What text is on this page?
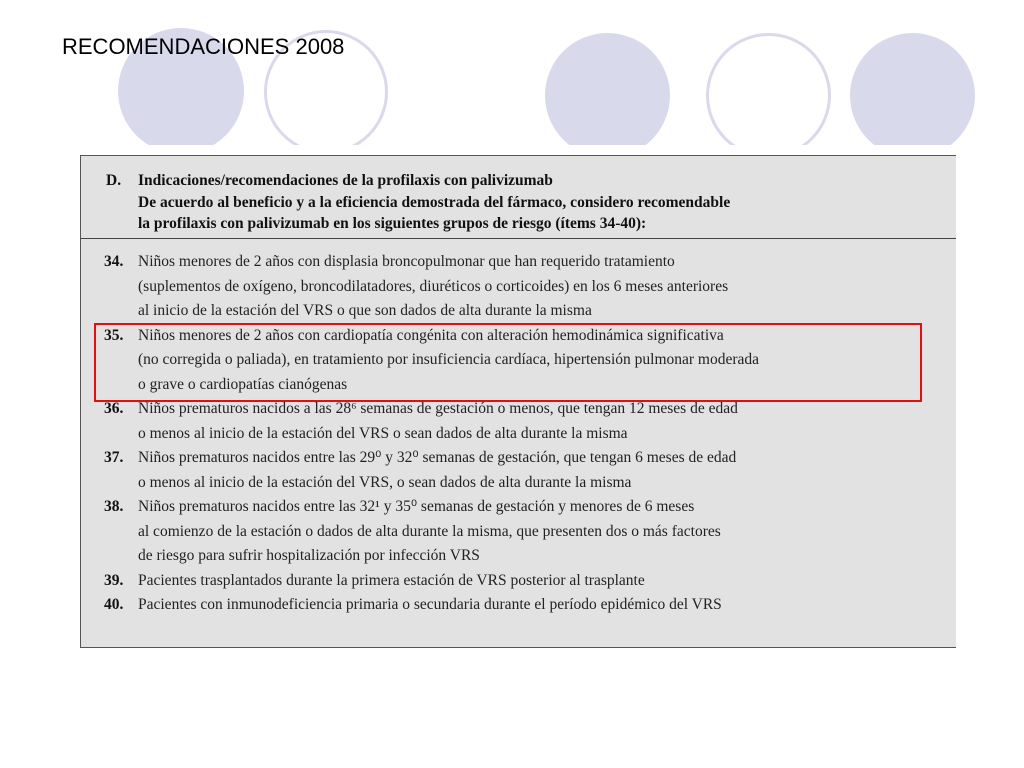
RECOMENDACIONES 2008
D. Indicaciones/recomendaciones de la profilaxis con palivizumab
De acuerdo al beneficio y a la eficiencia demostrada del fármaco, considero recomendable
la profilaxis con palivizumab en los siguientes grupos de riesgo (ítems 34-40):
34. Niños menores de 2 años con displasia broncopulmonar que han requerido tratamiento
(suplementos de oxígeno, broncodilatadores, diuréticos o corticoides) en los 6 meses anteriores
al inicio de la estación del VRS o que son dados de alta durante la misma
35. Niños menores de 2 años con cardiopatía congénita con alteración hemodinámica significativa
(no corregida o paliada), en tratamiento por insuficiencia cardíaca, hipertensión pulmonar moderada
o grave o cardiopatías cianógenas
36. Niños prematuros nacidos a las 28⁶ semanas de gestación o menos, que tengan 12 meses de edad
o menos al inicio de la estación del VRS o sean dados de alta durante la misma
37. Niños prematuros nacidos entre las 29⁰ y 32⁰ semanas de gestación, que tengan 6 meses de edad
o menos al inicio de la estación del VRS, o sean dados de alta durante la misma
38. Niños prematuros nacidos entre las 32¹ y 35⁰ semanas de gestación y menores de 6 meses
al comienzo de la estación o dados de alta durante la misma, que presenten dos o más factores
de riesgo para sufrir hospitalización por infección VRS
39. Pacientes trasplantados durante la primera estación de VRS posterior al trasplante
40. Pacientes con inmunodeficiencia primaria o secundaria durante el período epidémico del VRS
